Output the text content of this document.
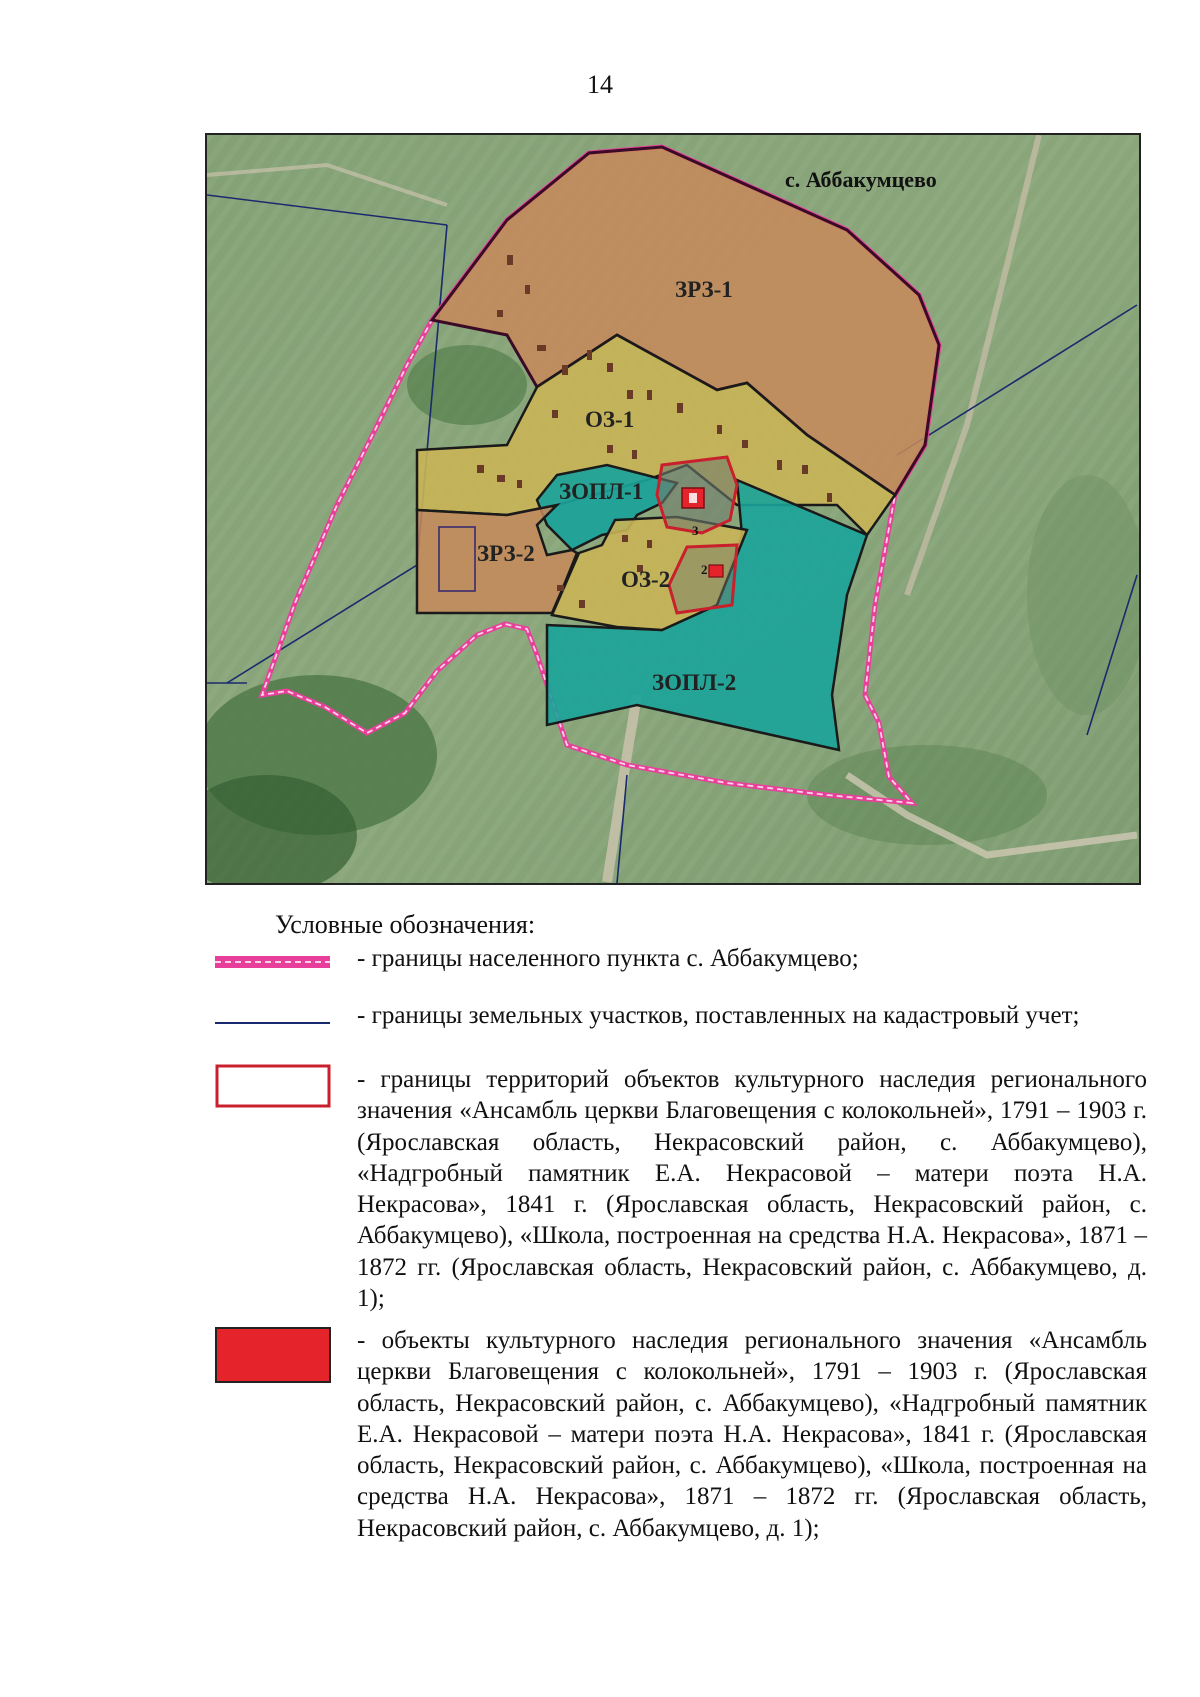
14
с. Аббакумцево
ЗРЗ-1
ОЗ-1
ЗОПЛ-1
ЗРЗ-2
ОЗ-2
ЗОПЛ-2
3
2
Условные обозначения:
- границы населенного пункта с. Аббакумцево;
- границы земельных участков, поставленных на кадастровый учет;
- границы территорий объектов культурного наследия регионального значения «Ансамбль церкви Благовещения с колокольней», 1791 – 1903 г. (Ярославская область, Некрасовский район, с. Аббакумцево), «Надгробный памятник Е.А. Некрасовой – матери поэта Н.А. Некрасова», 1841 г. (Ярославская область, Некрасовский район, с. Аббакумцево), «Школа, построенная на средства Н.А. Некрасова», 1871 – 1872 гг. (Ярославская область, Некрасовский район, с. Аббакумцево, д. 1);
- объекты культурного наследия регионального значения «Ансамбль церкви Благовещения с колокольней», 1791 – 1903 г. (Ярославская область, Некрасовский район, с. Аббакумцево), «Надгробный памятник Е.А. Некрасовой – матери поэта Н.А. Некрасова», 1841 г. (Ярославская область, Некрасовский район, с. Аббакумцево), «Школа, построенная на средства Н.А. Некрасова», 1871 – 1872 гг. (Ярославская область, Некрасовский район, с. Аббакумцево, д. 1);
